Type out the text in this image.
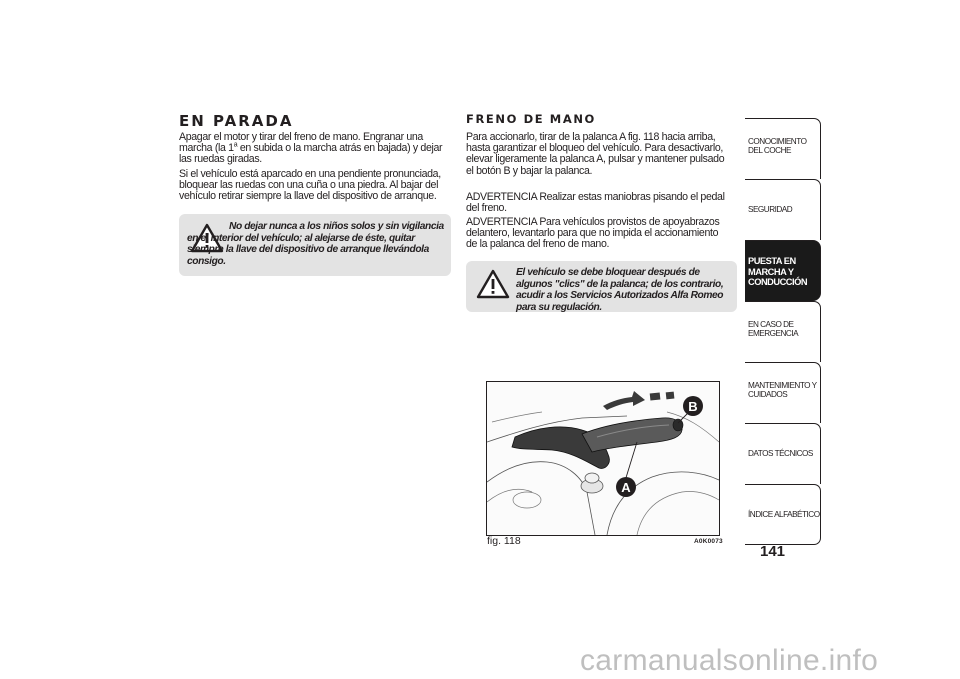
EN PARADA

Apagar el motor y tirar del freno de mano. Engranar una marcha (la 1$^a$ en subida o la marcha atrás en bajada) y dejar las ruedas giradas.

Si el vehículo está aparcado en una pendiente pronunciada, bloquear las ruedas con una cuña o una piedra. Al bajar del vehículo retirar siempre la llave del dispositivo de arranque.

No dejar nunca a los niños solos y sin vigilancia en el interior del vehículo; al alejarse de éste, quitar siempre la llave del dispositivo de arranque llevándola consigo.

FRENO DE MANO

Para accionarlo, tirar de la palanca A fig. 118 hacia arriba, hasta garantizar el bloqueo del vehículo. Para desactivarlo, elevar ligeramente la palanca A, pulsar y mantener pulsado el botón B y bajar la palanca.

ADVERTENCIA Realizar estas maniobras pisando el pedal del freno.

ADVERTENCIA Para vehículos provistos de apoyabrazos delantero, levantarlo para que no impida el accionamiento de la palanca del freno de mano.

El vehículo se debe bloquear después de algunos "clics" de la palanca; de los contrario, acudir a los Servicios Autorizados Alfa Romeo para su regulación.

A
B
fig. 118	A0K0073
CONOCIMIENTO DEL COCHE
SEGURIDAD
PUESTA EN MARCHA Y CONDUCCIÓN
EN CASO DE EMERGENCIA
MANTENIMIENTO Y CUIDADOS
DATOS TÉCNICOS
ÍNDICE ALFABÉTICO
141
carmanualsonline.info
